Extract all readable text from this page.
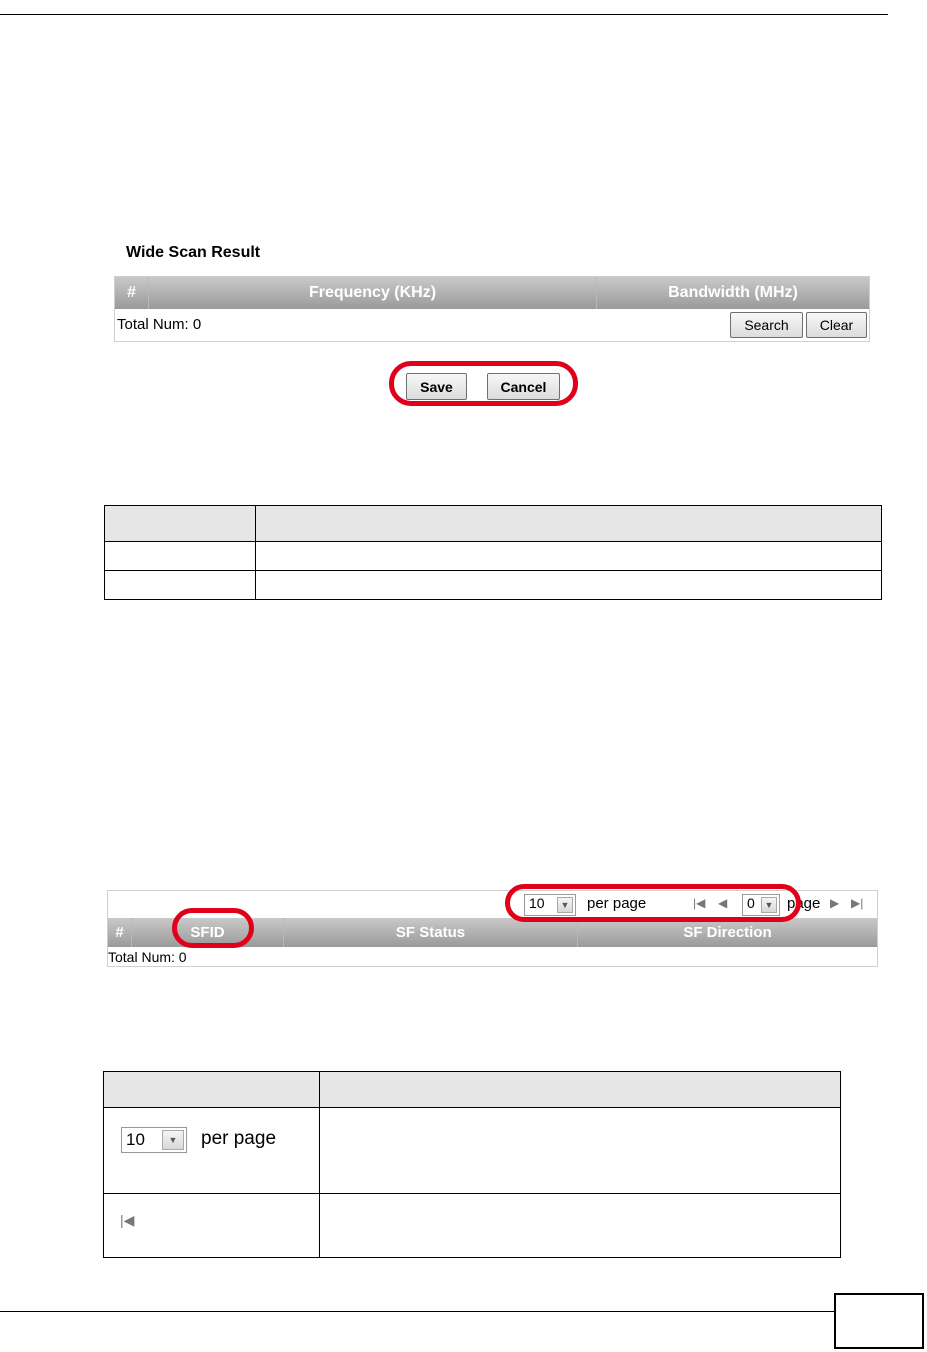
Wide Scan Result
#	Frequency (KHz)	Bandwidth (MHz)
Total Num: 0	Search	Clear
Save	Cancel

10	▼ per page	|◀ ◀ 0	▼ page ▶ ▶|
#	SFID	SF Status	SF Direction
Total Num: 0

10 ▼ per page	

|◀	
